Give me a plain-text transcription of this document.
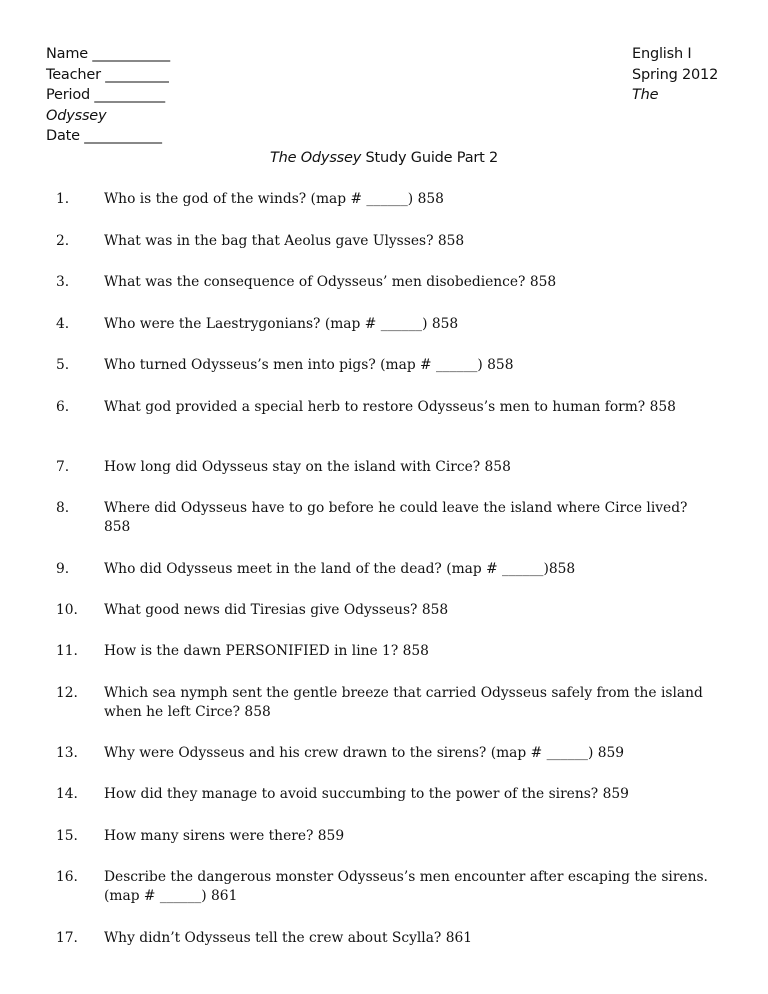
Name ___________
Teacher _________
Period __________
Odyssey
Date ___________
English I
Spring 2012
The
The Odyssey Study Guide Part 2
1.	Who is the god of the winds? (map # ______) 858
2.	What was in the bag that Aeolus gave Ulysses? 858
3.	What was the consequence of Odysseus’ men disobedience? 858
4.	Who were the Laestrygonians? (map # ______) 858
5.	Who turned Odysseus’s men into pigs? (map # ______) 858
6.	What god provided a special herb to restore Odysseus’s men to human form? 858
7.	How long did Odysseus stay on the island with Circe? 858
8.	Where did Odysseus have to go before he could leave the island where Circe lived? 858
9.	Who did Odysseus meet in the land of the dead? (map # ______)858
10. What good news did Tiresias give Odysseus? 858
11. How is the dawn PERSONIFIED in line 1? 858
12. Which sea nymph sent the gentle breeze that carried Odysseus safely from the island when he left Circe? 858
13. Why were Odysseus and his crew drawn to the sirens? (map # ______) 859
14. How did they manage to avoid succumbing to the power of the sirens? 859
15. How many sirens were there? 859
16. Describe the dangerous monster Odysseus’s men encounter after escaping the sirens. (map # ______) 861
17. Why didn’t Odysseus tell the crew about Scylla? 861
